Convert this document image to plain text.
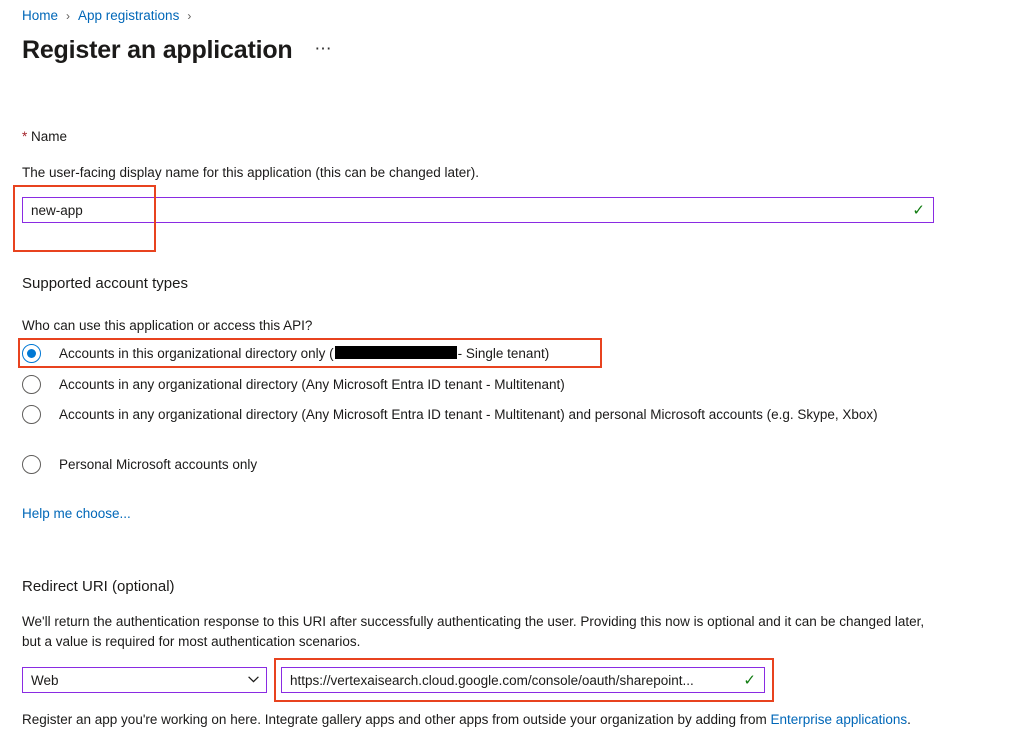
Home › App registrations ›
Register an application ⋯
* Name
The user-facing display name for this application (this can be changed later).
new-app
✓
Supported account types
Who can use this application or access this API?
Accounts in this organizational directory only (	- Single tenant)
Accounts in any organizational directory (Any Microsoft Entra ID tenant - Multitenant)
Accounts in any organizational directory (Any Microsoft Entra ID tenant - Multitenant) and personal Microsoft accounts (e.g. Skype, Xbox)
Personal Microsoft accounts only
Help me choose...
Redirect URI (optional)
We'll return the authentication response to this URI after successfully authenticating the user. Providing this now is optional and it can be changed later, but a value is required for most authentication scenarios.
Web
https://vertexaisearch.cloud.google.com/console/oauth/sharepoint...	✓
Register an app you're working on here. Integrate gallery apps and other apps from outside your organization by adding from Enterprise applications.
